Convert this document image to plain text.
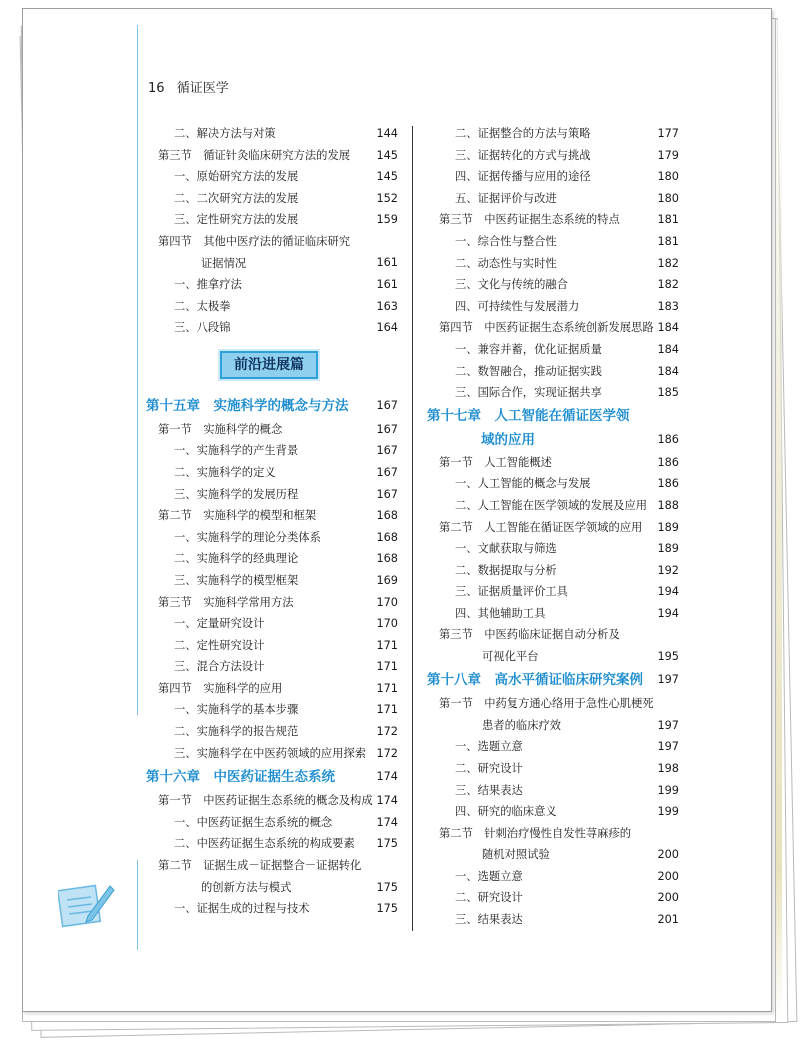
16 循证医学
二、解决方法与对策	144
第三节　循证针灸临床研究方法的发展 145
一、原始研究方法的发展	145
二、二次研究方法的发展	152
三、定性研究方法的发展	159
第四节　其他中医疗法的循证临床研究
证据情况	161
一、推拿疗法	161
二、太极拳	163
三、八段锦	164
前沿进展篇
第十五章　实施科学的概念与方法 167
第一节　实施科学的概念	167
一、实施科学的产生背景	167
二、实施科学的定义	167
三、实施科学的发展历程	167
第二节　实施科学的模型和框架	168
一、实施科学的理论分类体系	168
二、实施科学的经典理论	168
三、实施科学的模型框架	169
第三节　实施科学常用方法	170
一、定量研究设计	170
二、定性研究设计	171
三、混合方法设计	171
第四节　实施科学的应用	171
一、实施科学的基本步骤	171
二、实施科学的报告规范	172
三、实施科学在中医药领域的应用探索 172
第十六章　中医药证据生态系统	174
第一节　中医药证据生态系统的概念及构成 174
一、中医药证据生态系统的概念	174
二、中医药证据生态系统的构成要素 175
第二节　证据生成－证据整合－证据转化
的创新方法与模式	175
一、证据生成的过程与技术	175
二、证据整合的方法与策略	177
三、证据转化的方式与挑战	179
四、证据传播与应用的途径	180
五、证据评价与改进	180
第三节　中医药证据生态系统的特点	181
一、综合性与整合性	181
二、动态性与实时性	182
三、文化与传统的融合	182
四、可持续性与发展潜力	183
第四节　中医药证据生态系统创新发展思路 184
一、兼容并蓄，优化证据质量	184
二、数智融合，推动证据实践	184
三、国际合作，实现证据共享	185
第十七章　人工智能在循证医学领
域的应用	186
第一节　人工智能概述	186
一、人工智能的概念与发展	186
二、人工智能在医学领域的发展及应用 188
第二节　人工智能在循证医学领域的应用 189
一、文献获取与筛选	189
二、数据提取与分析	192
三、证据质量评价工具	194
四、其他辅助工具	194
第三节　中医药临床证据自动分析及
可视化平台	195
第十八章　高水平循证临床研究案例 197
第一节　中药复方通心络用于急性心肌梗死
患者的临床疗效	197
一、选题立意	197
二、研究设计	198
三、结果表达	199
四、研究的临床意义	199
第二节　针刺治疗慢性自发性荨麻疹的
随机对照试验	200
一、选题立意	200
二、研究设计	200
三、结果表达	201
